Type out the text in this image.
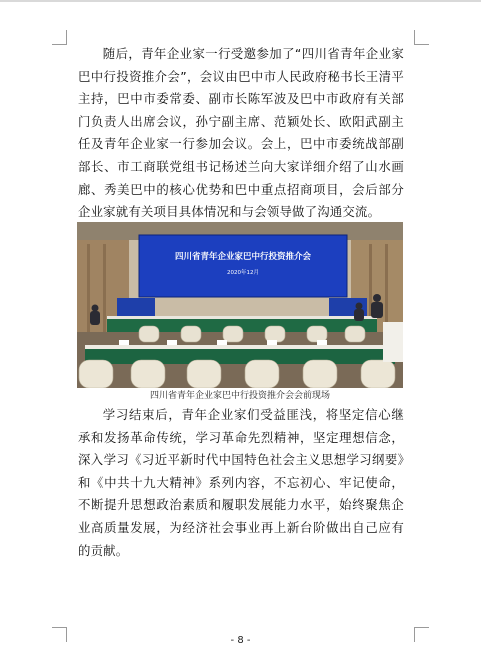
随后，青年企业家一行受邀参加了“四川省青年企业家巴中行投资推介会”，会议由巴中市人民政府秘书长王清平主持，巴中市委常委、副市长陈军波及巴中市政府有关部门负责人出席会议，孙宁副主席、范颖处长、欧阳武副主任及青年企业家一行参加会议。会上，巴中市委统战部副部长、市工商联党组书记杨述兰向大家详细介绍了山水画廊、秀美巴中的核心优势和巴中重点招商项目，会后部分企业家就有关项目具体情况和与会领导做了沟通交流。

四川省青年企业家巴中行投资推介会
2020年12月
四川省青年企业家巴中行投资推介会会前现场

学习结束后，青年企业家们受益匪浅，将坚定信心继承和发扬革命传统，学习革命先烈精神，坚定理想信念，深入学习《习近平新时代中国特色社会主义思想学习纲要》和《中共十九大精神》系列内容，不忘初心、牢记使命，不断提升思想政治素质和履职发展能力水平，始终聚焦企业高质量发展，为经济社会事业再上新台阶做出自己应有的贡献。

- 8 -
